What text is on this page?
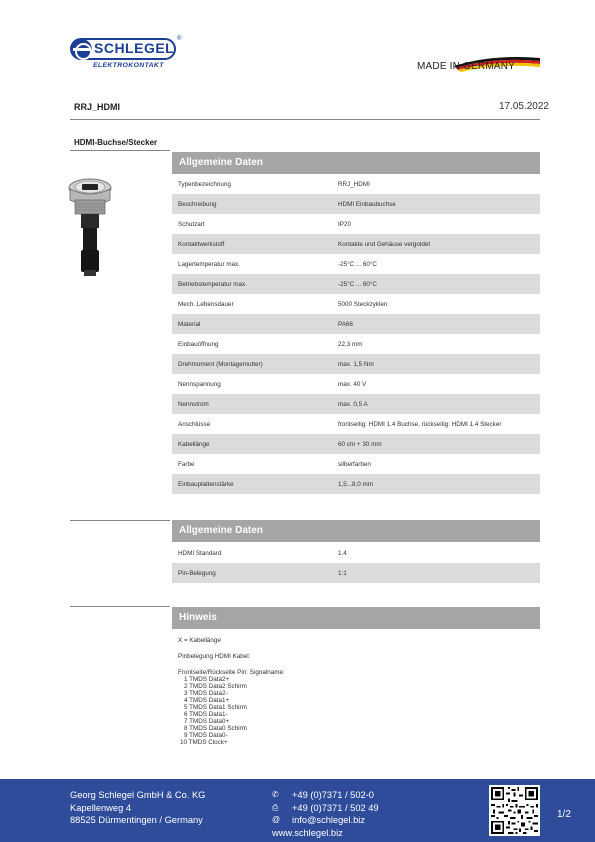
SCHLEGEL
®
ELEKTROKONTAKT	MADE IN GERMANY
RRJ_HDMI	17.05.2022
HDMI-Buchse/Stecker
Allgemeine Daten
Typenbezeichnung	RRJ_HDMI
Beschreibung	HDMI Einbaubuchse
Schutzart	IP20
Kontaktwerkstoff	Kontakte und Gehäuse vergoldet
Lagertemperatur max.	-25°C ... 60°C
Betriebstemperatur max.	-25°C ... 60°C
Mech. Lebensdauer	5000 Steckzyklen
Material	PA66
Einbauöffnung	22,3 mm
Drehmoment (Montagemutter)	max. 1,5 Nm
Nennspannung	max. 40 V
Nennstrom	max. 0,5 A
Anschlüsse	frontseitig: HDMI 1.4 Buchse, rückseitig: HDMI 1.4 Stecker
Kabellänge	60 cm + 30 mm
Farbe	silberfarben
Einbauplattenstärke	1,5...8,0 mm
Allgemeine Daten
HDMI Standard	1.4
Pin-Belegung	1:1
Hinweis

X = Kabellänge

Pinbelegung HDMI Kabel:

Frontseite/Rückseite Pin: Signalname:

1 TMDS Data2+

2 TMDS Data2 Schirm

3 TMDS Data2-

4 TMDS Data1+

5 TMDS Data1 Schirm

6 TMDS Data1-

7 TMDS Data0+

8 TMDS Data0 Schirm

9 TMDS Data0-

10 TMDS Clock+

Georg Schlegel GmbH & Co. KG
Kapellenweg 4
88525 Dürmentingen / Germany
✆	+49 (0)7371 / 502-0
⎙	+49 (0)7371 / 502 49
@	info@schlegel.biz
www.schlegel.biz
1/2
